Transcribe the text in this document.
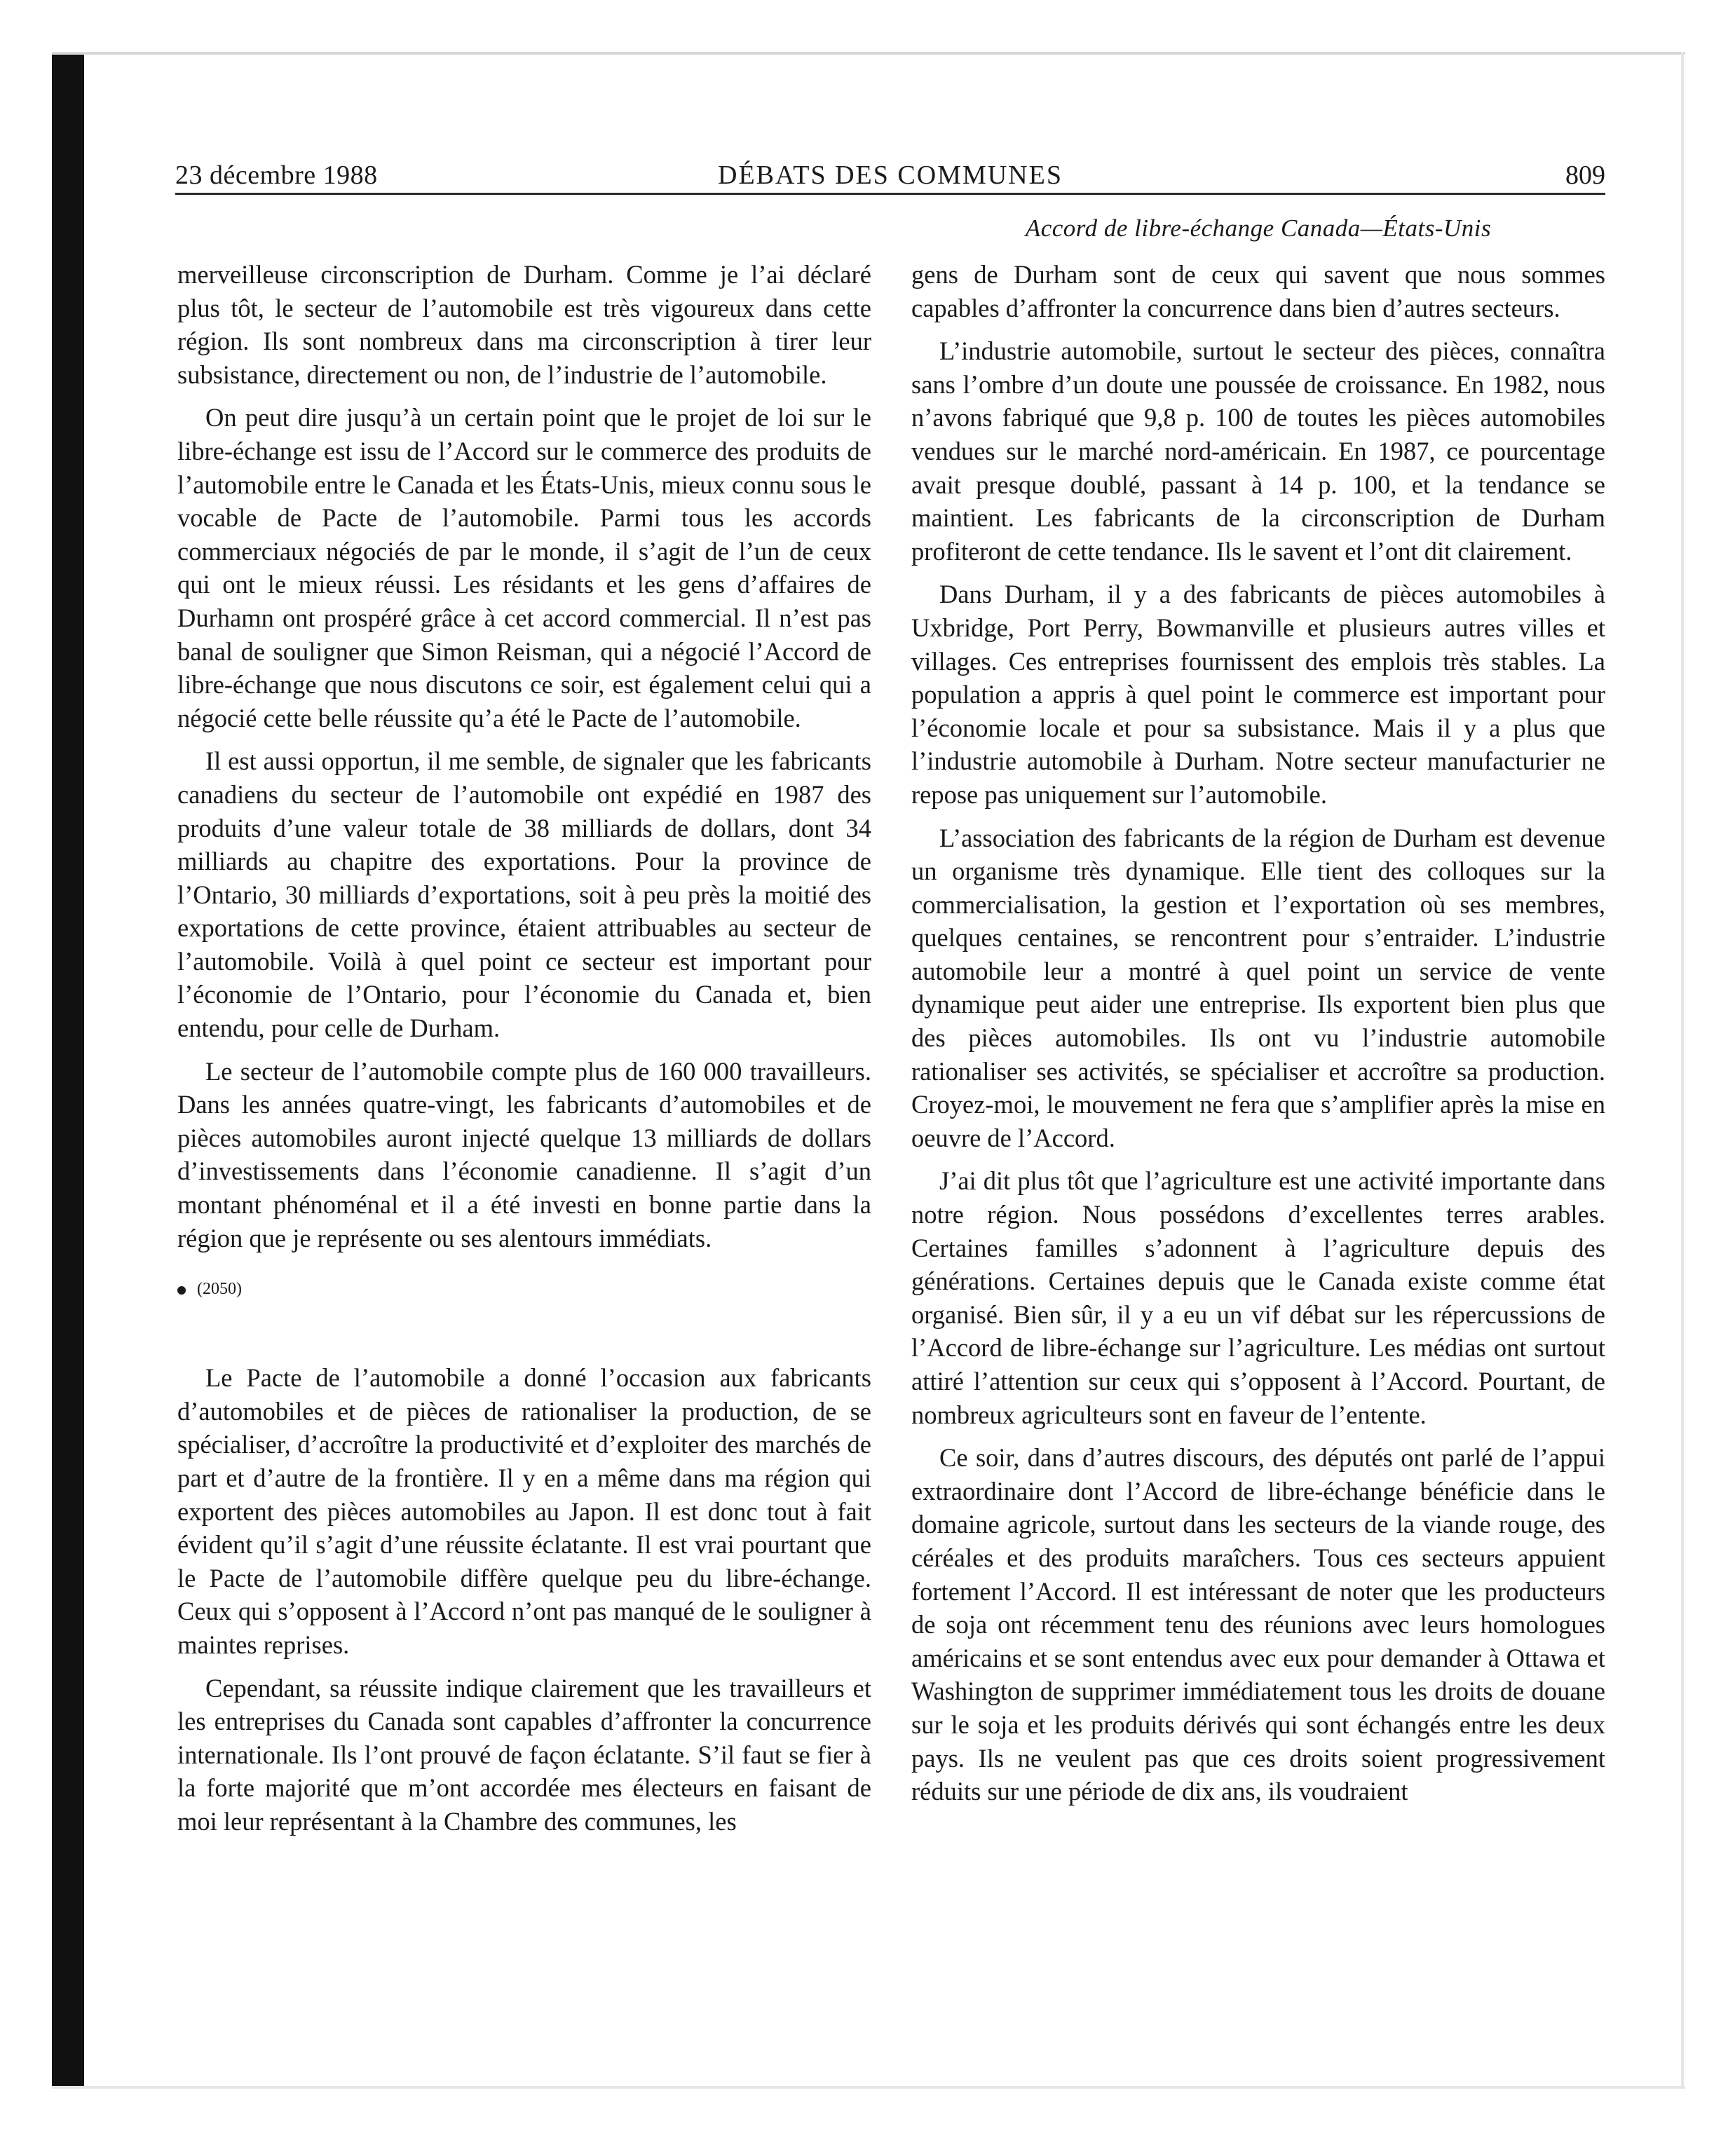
23 décembre 1988	DÉBATS DES COMMUNES	809
Accord de libre-échange Canada—États-Unis

merveilleuse circonscription de Durham. Comme je l’ai déclaré plus tôt, le secteur de l’automobile est très vigoureux dans cette région. Ils sont nombreux dans ma circonscription à tirer leur subsistance, directement ou non, de l’industrie de l’automobile.

On peut dire jusqu’à un certain point que le projet de loi sur le libre-échange est issu de l’Accord sur le commerce des produits de l’automobile entre le Canada et les États-Unis, mieux connu sous le vocable de Pacte de l’automobile. Parmi tous les accords commerciaux négociés de par le monde, il s’agit de l’un de ceux qui ont le mieux réussi. Les résidants et les gens d’affaires de Durhamn ont prospéré grâce à cet accord commercial. Il n’est pas banal de souligner que Simon Reisman, qui a négocié l’Accord de libre-échange que nous discutons ce soir, est également celui qui a négocié cette belle réussite qu’a été le Pacte de l’automobile.

Il est aussi opportun, il me semble, de signaler que les fabricants canadiens du secteur de l’automobile ont expédié en 1987 des produits d’une valeur totale de 38 milliards de dollars, dont 34 milliards au chapitre des exportations. Pour la province de l’Ontario, 30 milliards d’exportations, soit à peu près la moitié des exportations de cette province, étaient attribuables au secteur de l’automobile. Voilà à quel point ce secteur est important pour l’économie de l’Ontario, pour l’économie du Canada et, bien entendu, pour celle de Durham.

Le secteur de l’automobile compte plus de 160 000 travailleurs. Dans les années quatre-vingt, les fabricants d’automobiles et de pièces automobiles auront injecté quelque 13 milliards de dollars d’investissements dans l’économie canadienne. Il s’agit d’un montant phénoménal et il a été investi en bonne partie dans la région que je représente ou ses alentours immédiats.

(2050)

Le Pacte de l’automobile a donné l’occasion aux fabricants d’automobiles et de pièces de rationaliser la production, de se spécialiser, d’accroître la productivité et d’exploiter des marchés de part et d’autre de la frontière. Il y en a même dans ma région qui exportent des pièces automobiles au Japon. Il est donc tout à fait évident qu’il s’agit d’une réussite éclatante. Il est vrai pourtant que le Pacte de l’automobile diffère quelque peu du libre-échange. Ceux qui s’opposent à l’Accord n’ont pas manqué de le souligner à maintes reprises.

Cependant, sa réussite indique clairement que les travailleurs et les entreprises du Canada sont capables d’affronter la concurrence internationale. Ils l’ont prouvé de façon éclatante. S’il faut se fier à la forte majorité que m’ont accordée mes électeurs en faisant de moi leur représentant à la Chambre des communes, les

gens de Durham sont de ceux qui savent que nous sommes capables d’affronter la concurrence dans bien d’autres secteurs.

L’industrie automobile, surtout le secteur des pièces, connaîtra sans l’ombre d’un doute une poussée de croissance. En 1982, nous n’avons fabriqué que 9,8 p. 100 de toutes les pièces automobiles vendues sur le marché nord-américain. En 1987, ce pourcentage avait presque doublé, passant à 14 p. 100, et la tendance se maintient. Les fabricants de la circonscription de Durham profiteront de cette tendance. Ils le savent et l’ont dit clairement.

Dans Durham, il y a des fabricants de pièces automobiles à Uxbridge, Port Perry, Bowmanville et plusieurs autres villes et villages. Ces entreprises fournissent des emplois très stables. La population a appris à quel point le commerce est important pour l’économie locale et pour sa subsistance. Mais il y a plus que l’industrie automobile à Durham. Notre secteur manufacturier ne repose pas uniquement sur l’automobile.

L’association des fabricants de la région de Durham est devenue un organisme très dynamique. Elle tient des colloques sur la commercialisation, la gestion et l’exportation où ses membres, quelques centaines, se rencontrent pour s’entraider. L’industrie automobile leur a montré à quel point un service de vente dynamique peut aider une entreprise. Ils exportent bien plus que des pièces automobiles. Ils ont vu l’industrie automobile rationaliser ses activités, se spécialiser et accroître sa production. Croyez-moi, le mouvement ne fera que s’amplifier après la mise en oeuvre de l’Accord.

J’ai dit plus tôt que l’agriculture est une activité importante dans notre région. Nous possédons d’excellentes terres arables. Certaines familles s’adonnent à l’agriculture depuis des générations. Certaines depuis que le Canada existe comme état organisé. Bien sûr, il y a eu un vif débat sur les répercussions de l’Accord de libre-échange sur l’agriculture. Les médias ont surtout attiré l’attention sur ceux qui s’opposent à l’Accord. Pourtant, de nombreux agriculteurs sont en faveur de l’entente.

Ce soir, dans d’autres discours, des députés ont parlé de l’appui extraordinaire dont l’Accord de libre-échange bénéficie dans le domaine agricole, surtout dans les secteurs de la viande rouge, des céréales et des produits maraîchers. Tous ces secteurs appuient fortement l’Accord. Il est intéressant de noter que les producteurs de soja ont récemment tenu des réunions avec leurs homologues américains et se sont entendus avec eux pour demander à Ottawa et Washington de supprimer immédiatement tous les droits de douane sur le soja et les produits dérivés qui sont échangés entre les deux pays. Ils ne veulent pas que ces droits soient progressivement réduits sur une période de dix ans, ils voudraient
